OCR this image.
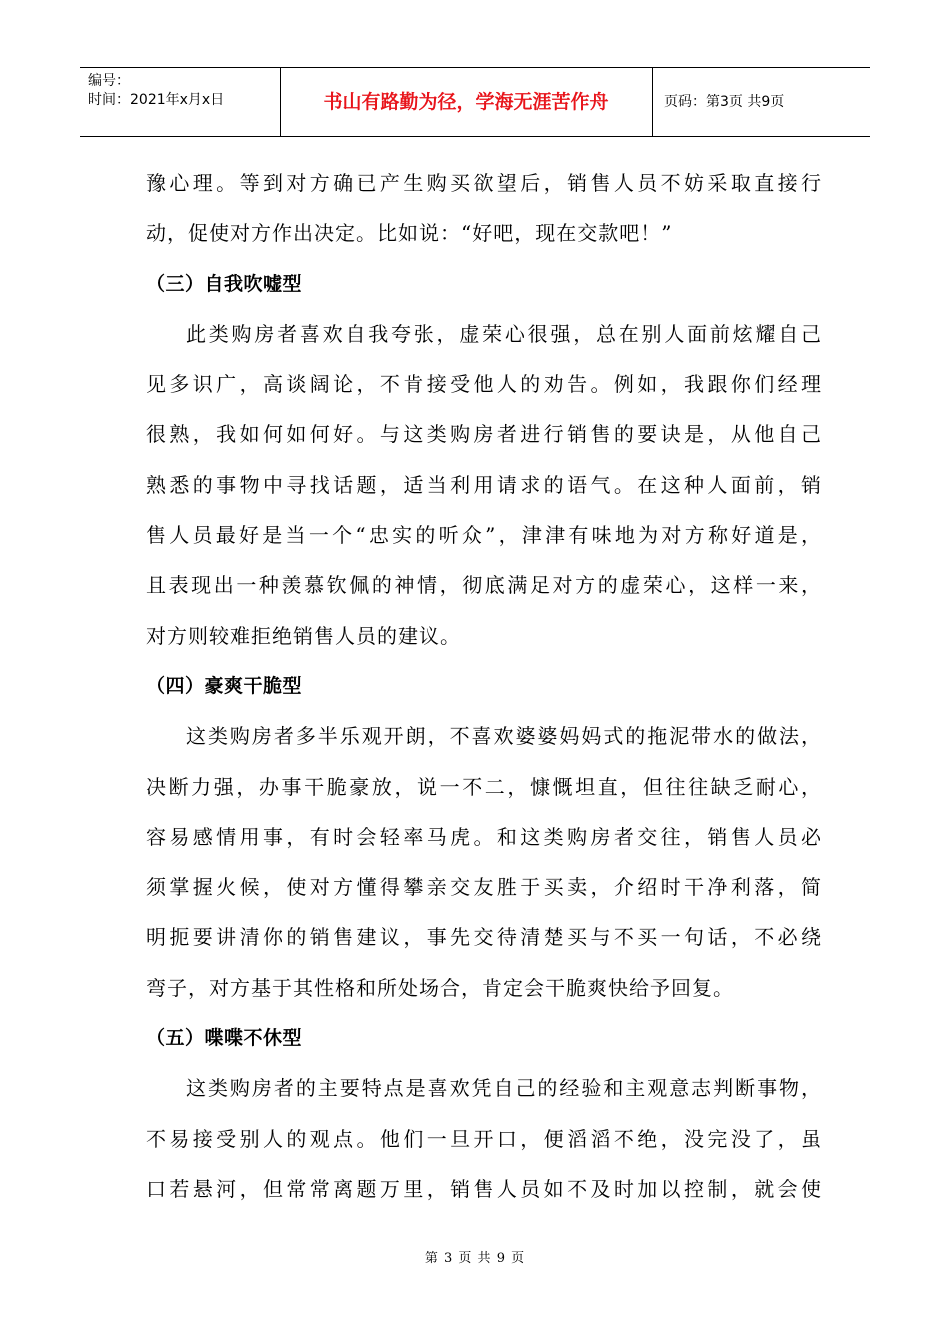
编号：
时间：2021年x月x日	书山有路勤为径，学海无涯苦作舟	页码：第3页 共9页
豫心理。等到对方确已产生购买欲望后，销售人员不妨采取直接行
动，促使对方作出决定。比如说：“好吧，现在交款吧！”
（三）自我吹嘘型
此类购房者喜欢自我夸张，虚荣心很强，总在别人面前炫耀自己
见多识广，高谈阔论，不肯接受他人的劝告。例如，我跟你们经理
很熟，我如何如何好。与这类购房者进行销售的要诀是，从他自己
熟悉的事物中寻找话题，适当利用请求的语气。在这种人面前，销
售人员最好是当一个“忠实的听众”，津津有味地为对方称好道是，
且表现出一种羡慕钦佩的神情，彻底满足对方的虚荣心，这样一来，
对方则较难拒绝销售人员的建议。
（四）豪爽干脆型
这类购房者多半乐观开朗，不喜欢婆婆妈妈式的拖泥带水的做法，
决断力强，办事干脆豪放，说一不二，慷慨坦直，但往往缺乏耐心，
容易感情用事，有时会轻率马虎。和这类购房者交往，销售人员必
须掌握火候，使对方懂得攀亲交友胜于买卖，介绍时干净利落，简
明扼要讲清你的销售建议，事先交待清楚买与不买一句话，不必绕
弯子，对方基于其性格和所处场合，肯定会干脆爽快给予回复。
（五）喋喋不休型
这类购房者的主要特点是喜欢凭自己的经验和主观意志判断事物，
不易接受别人的观点。他们一旦开口，便滔滔不绝，没完没了，虽
口若悬河，但常常离题万里，销售人员如不及时加以控制，就会使
第 3 页 共 9 页
